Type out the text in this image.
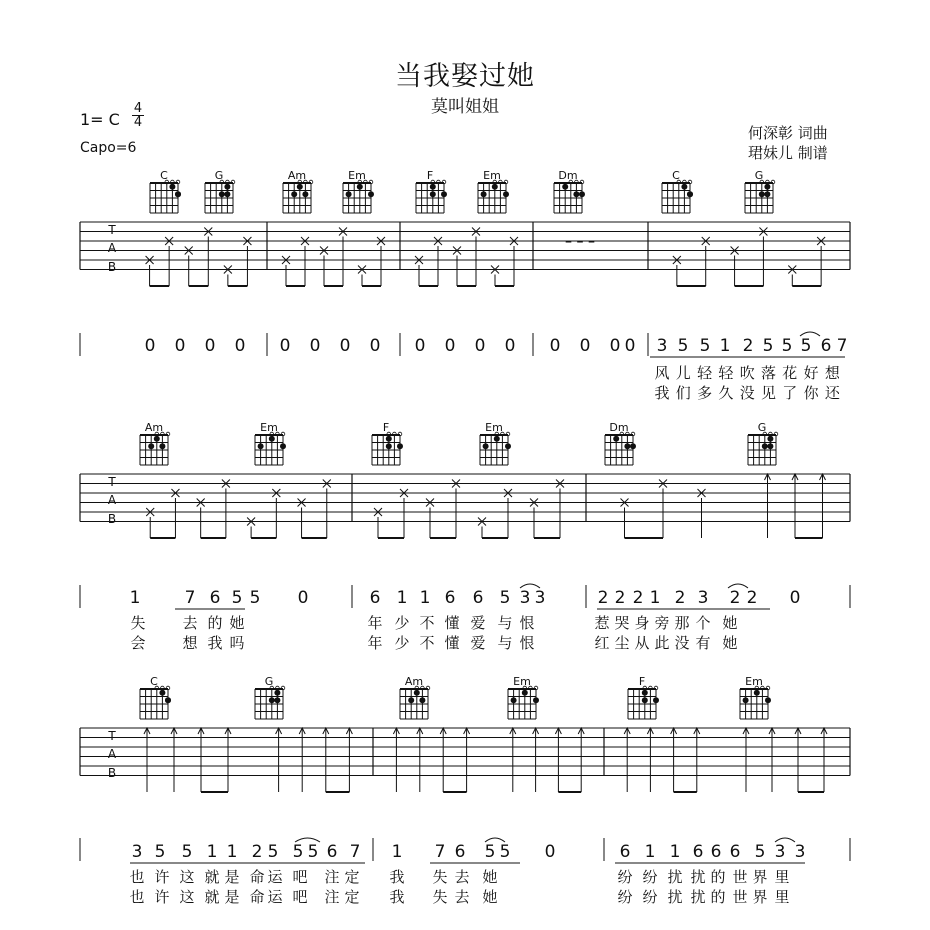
当我娶过她
莫叫姐姐
1= C
4
4
Capo=6
何深彰 词曲
珺妹儿 制谱
C	G	Am	Em	F	Em	Dm	C	G
T
A
B
– – –
0 0 0 0 0 0 0 0 0 0 0 0 0 0 0 0 3 5 5 1 2 5 5 5 6 7
风 儿 轻 轻 吹 落 花 好 想
我 们 多 久 没 见 了 你 还
Am	Em	F	Em	Dm	G
T
A
B
1	7 6 5 5 0	6 1 1 6 6 5 3 3	2 2 2 1 2 3 2 2 0
失 去 的 她	年 少 不 懂 爱 与 恨	惹 哭 身 旁 那 个 她
会 想 我 吗	年 少 不 懂 爱 与 恨	红 尘 从 此 没 有 她
C	G	Am	Em	F	Em
T
A
B
3 5 5 1 1 2 5 5 5 6 7 1 7 6 5 5 0	6 1 1 6 6 6 5 3 3
也 许 这 就 是 命 运 吧 注 定 我 失 去 她	纷 纷 扰 扰 的 世 界 里
也 许 这 就 是 命 运 吧 注 定 我 失 去 她	纷 纷 扰 扰 的 世 界 里
